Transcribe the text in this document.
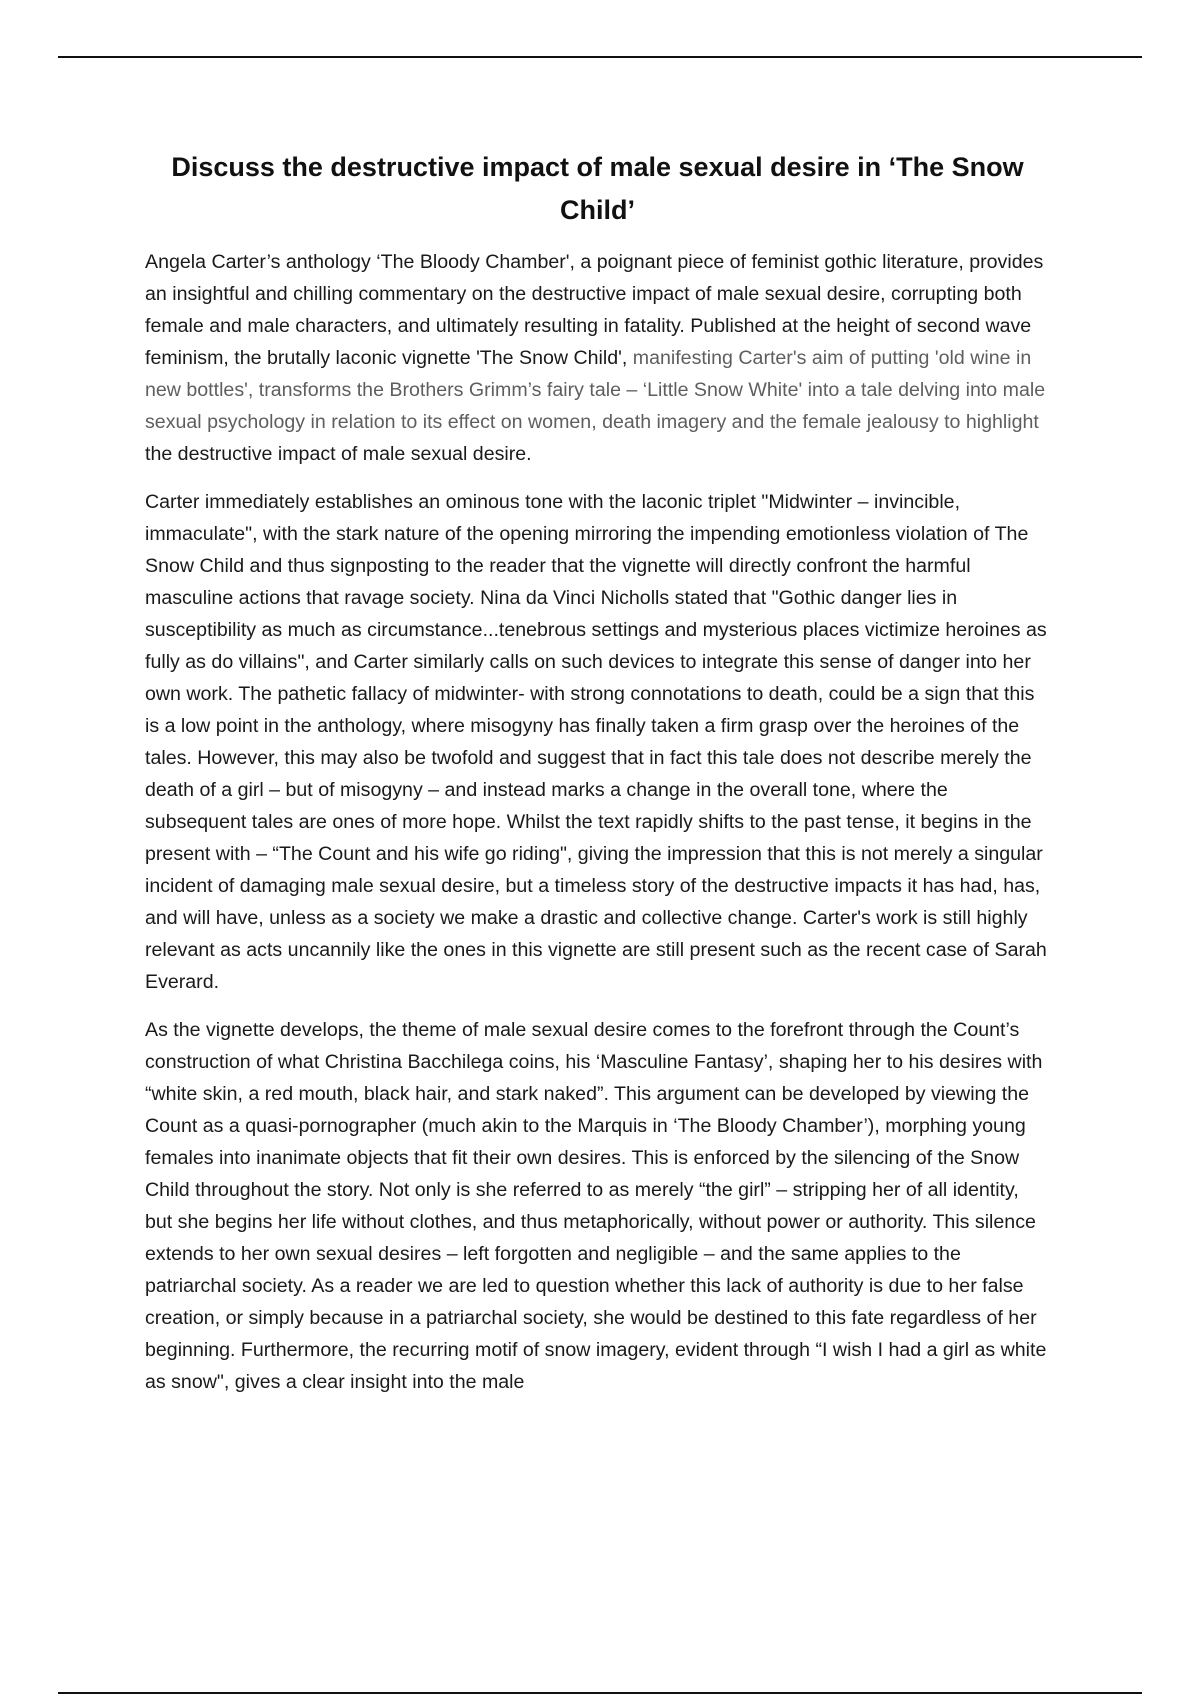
Discuss the destructive impact of male sexual desire in ‘The Snow Child’

Angela Carter’s anthology ‘The Bloody Chamber', a poignant piece of feminist gothic literature, provides an insightful and chilling commentary on the destructive impact of male sexual desire, corrupting both female and male characters, and ultimately resulting in fatality. Published at the height of second wave feminism, the brutally laconic vignette 'The Snow Child', manifesting Carter's aim of putting 'old wine in new bottles', transforms the Brothers Grimm’s fairy tale – ‘Little Snow White' into a tale delving into male sexual psychology in relation to its effect on women, death imagery and the female jealousy to highlight the destructive impact of male sexual desire.

Carter immediately establishes an ominous tone with the laconic triplet "Midwinter – invincible, immaculate", with the stark nature of the opening mirroring the impending emotionless violation of The Snow Child and thus signposting to the reader that the vignette will directly confront the harmful masculine actions that ravage society. Nina da Vinci Nicholls stated that "Gothic danger lies in susceptibility as much as circumstance...tenebrous settings and mysterious places victimize heroines as fully as do villains", and Carter similarly calls on such devices to integrate this sense of danger into her own work. The pathetic fallacy of midwinter- with strong connotations to death, could be a sign that this is a low point in the anthology, where misogyny has finally taken a firm grasp over the heroines of the tales. However, this may also be twofold and suggest that in fact this tale does not describe merely the death of a girl – but of misogyny – and instead marks a change in the overall tone, where the subsequent tales are ones of more hope. Whilst the text rapidly shifts to the past tense, it begins in the present with – “The Count and his wife go riding", giving the impression that this is not merely a singular incident of damaging male sexual desire, but a timeless story of the destructive impacts it has had, has, and will have, unless as a society we make a drastic and collective change. Carter's work is still highly relevant as acts uncannily like the ones in this vignette are still present such as the recent case of Sarah Everard.

As the vignette develops, the theme of male sexual desire comes to the forefront through the Count’s construction of what Christina Bacchilega coins, his ‘Masculine Fantasy’, shaping her to his desires with “white skin, a red mouth, black hair, and stark naked”. This argument can be developed by viewing the Count as a quasi-pornographer (much akin to the Marquis in ‘The Bloody Chamber’), morphing young females into inanimate objects that fit their own desires. This is enforced by the silencing of the Snow Child throughout the story. Not only is she referred to as merely “the girl” – stripping her of all identity, but she begins her life without clothes, and thus metaphorically, without power or authority. This silence extends to her own sexual desires – left forgotten and negligible – and the same applies to the patriarchal society. As a reader we are led to question whether this lack of authority is due to her false creation, or simply because in a patriarchal society, she would be destined to this fate regardless of her beginning. Furthermore, the recurring motif of snow imagery, evident through “I wish I had a girl as white as snow", gives a clear insight into the male
